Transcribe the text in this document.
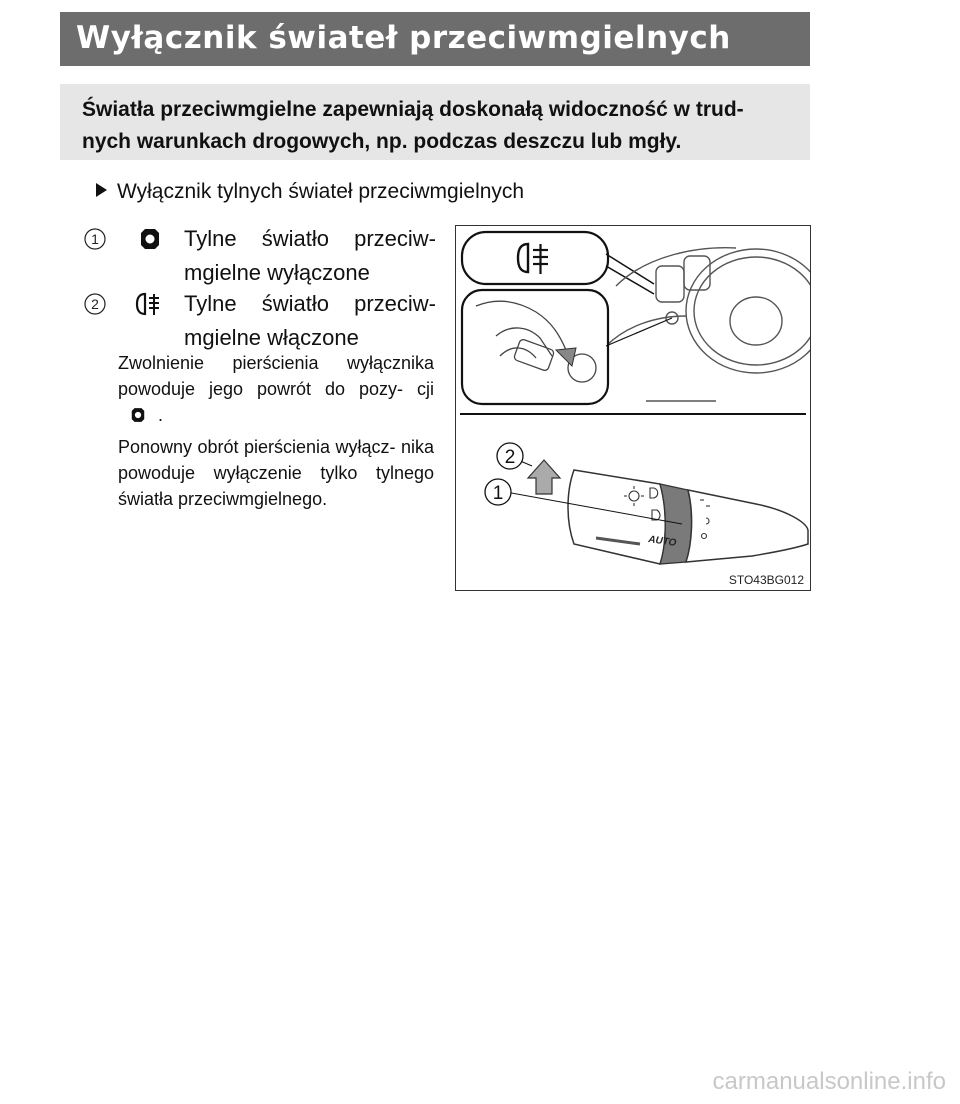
Wyłącznik świateł przeciwmgielnych
Światła przeciwmgielne zapewniają doskonałą widoczność w trud-
nych warunkach drogowych, np. podczas deszczu lub mgły.
Wyłącznik tylnych świateł przeciwmgielnych
1	Tylne światło przeciw-
mgielne wyłączone
2	Tylne światło przeciw-
mgielne włączone
Zwolnienie pierścienia wyłącznika powoduje jego powrót do pozy- cji .
Ponowny obrót pierścienia wyłącz- nika powoduje wyłączenie tylko tylnego światła przeciwmgielnego.
AUTO
2
1
STO43BG012
carmanualsonline.info
